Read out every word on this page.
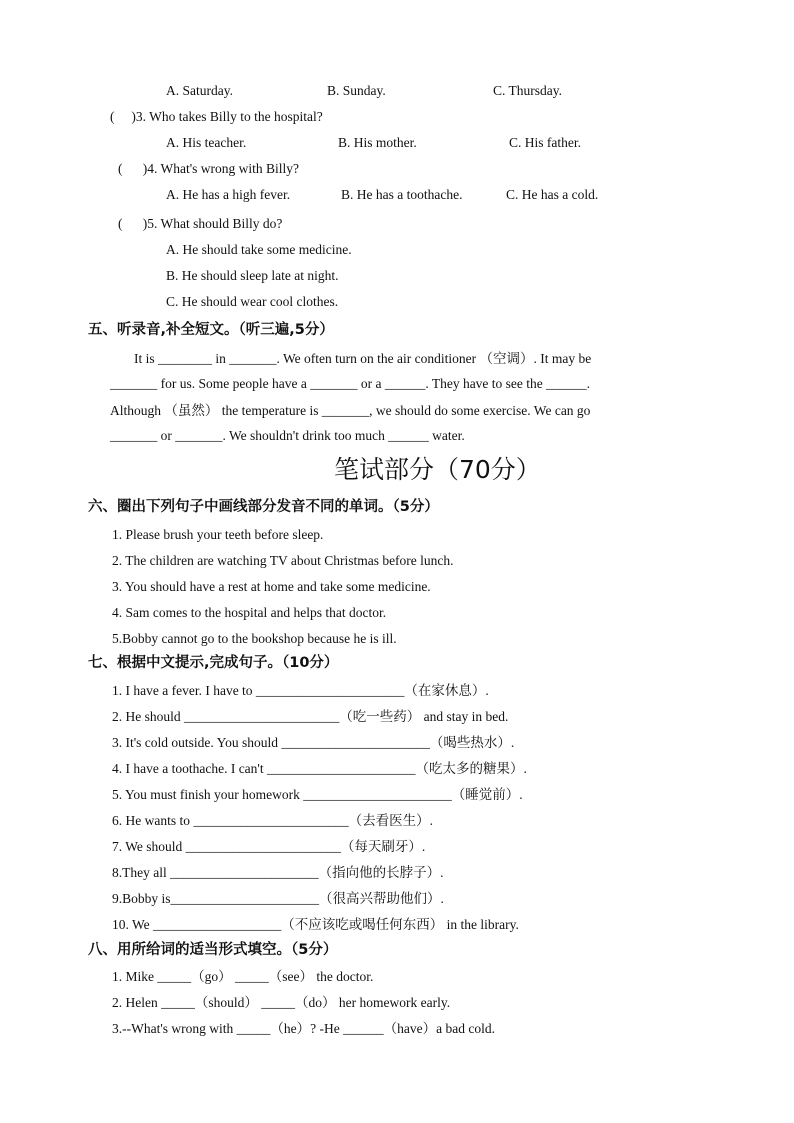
A. Saturday.	B. Sunday.	C. Thursday.
(     )3. Who takes Billy to the hospital?
A. His teacher.	B. His mother.	C. His father.
(      )4. What's wrong with Billy?
A. He has a high fever.	B. He has a toothache.	C. He has a cold.
(      )5. What should Billy do?
A. He should take some medicine.
B. He should sleep late at night.
C. He should wear cool clothes.
五、听录音,补全短文。（听三遍,5分）
It is ________ in _______. We often turn on the air conditioner （空调）. It may be
_______ for us. Some people have a _______ or a ______. They have to see the ______.
Although （虽然） the temperature is _______, we should do some exercise. We can go
_______ or _______. We shouldn't drink too much ______ water.
笔试部分（70分）
六、圈出下列句子中画线部分发音不同的单词。（5分）
1. Please brush your teeth before sleep.
2. The children are watching TV about Christmas before lunch.
3. You should have a rest at home and take some medicine.
4. Sam comes to the hospital and helps that doctor.
5.Bobby cannot go to the bookshop because he is ill.
七、根据中文提示,完成句子。（10分）
1. I have a fever. I have to ______________________（在家休息）.
2. He should _______________________（吃一些药） and stay in bed.
3. It's cold outside. You should ______________________（喝些热水）.
4. I have a toothache. I can't ______________________（吃太多的糖果）.
5. You must finish your homework ______________________（睡觉前）.
6. He wants to _______________________（去看医生）.
7. We should _______________________（每天刷牙）.
8.They all ______________________（指向他的长脖子）.
9.Bobby is______________________（很高兴帮助他们）.
10. We ___________________（不应该吃或喝任何东西） in the library.
八、用所给词的适当形式填空。（5分）
1. Mike _____（go） _____（see） the doctor.
2. Helen _____（should） _____（do） her homework early.
3.--What's wrong with _____（he）? -He ______（have）a bad cold.
